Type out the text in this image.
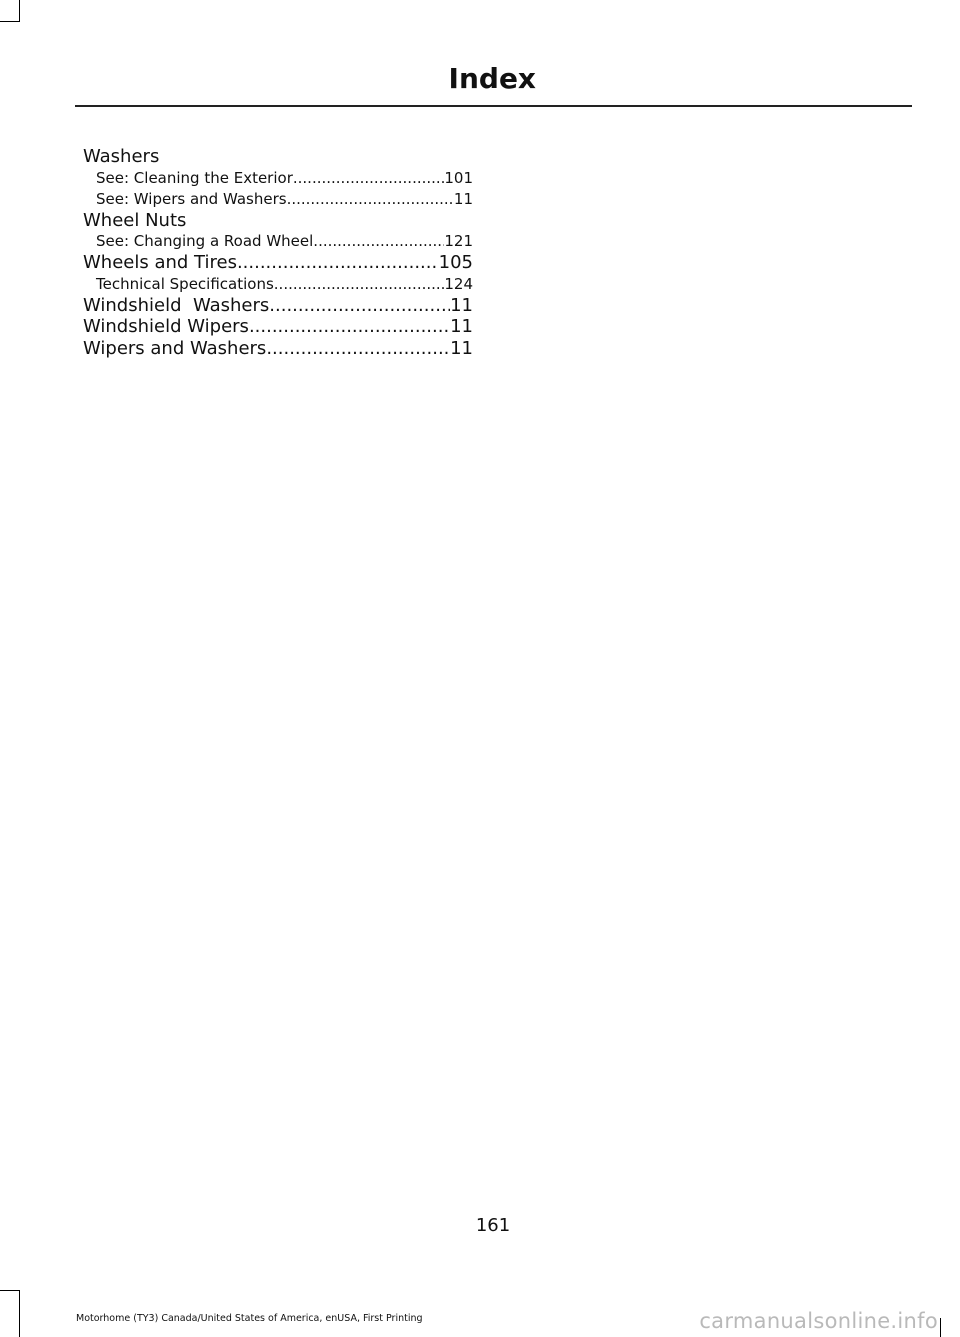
Index
Washers
See: Cleaning the Exterior .....	101
See: Wipers and Washers .....	11
Wheel Nuts
See: Changing a Road Wheel .....	121
Wheels and Tires .....	105
Technical Specifications .....	124
Windshield  Washers .....	11
Windshield Wipers .....	11
Wipers and Washers .....	11

161

Motorhome (TY3) Canada/United States of America, enUSA, First Printing	carmanualsonline.info
